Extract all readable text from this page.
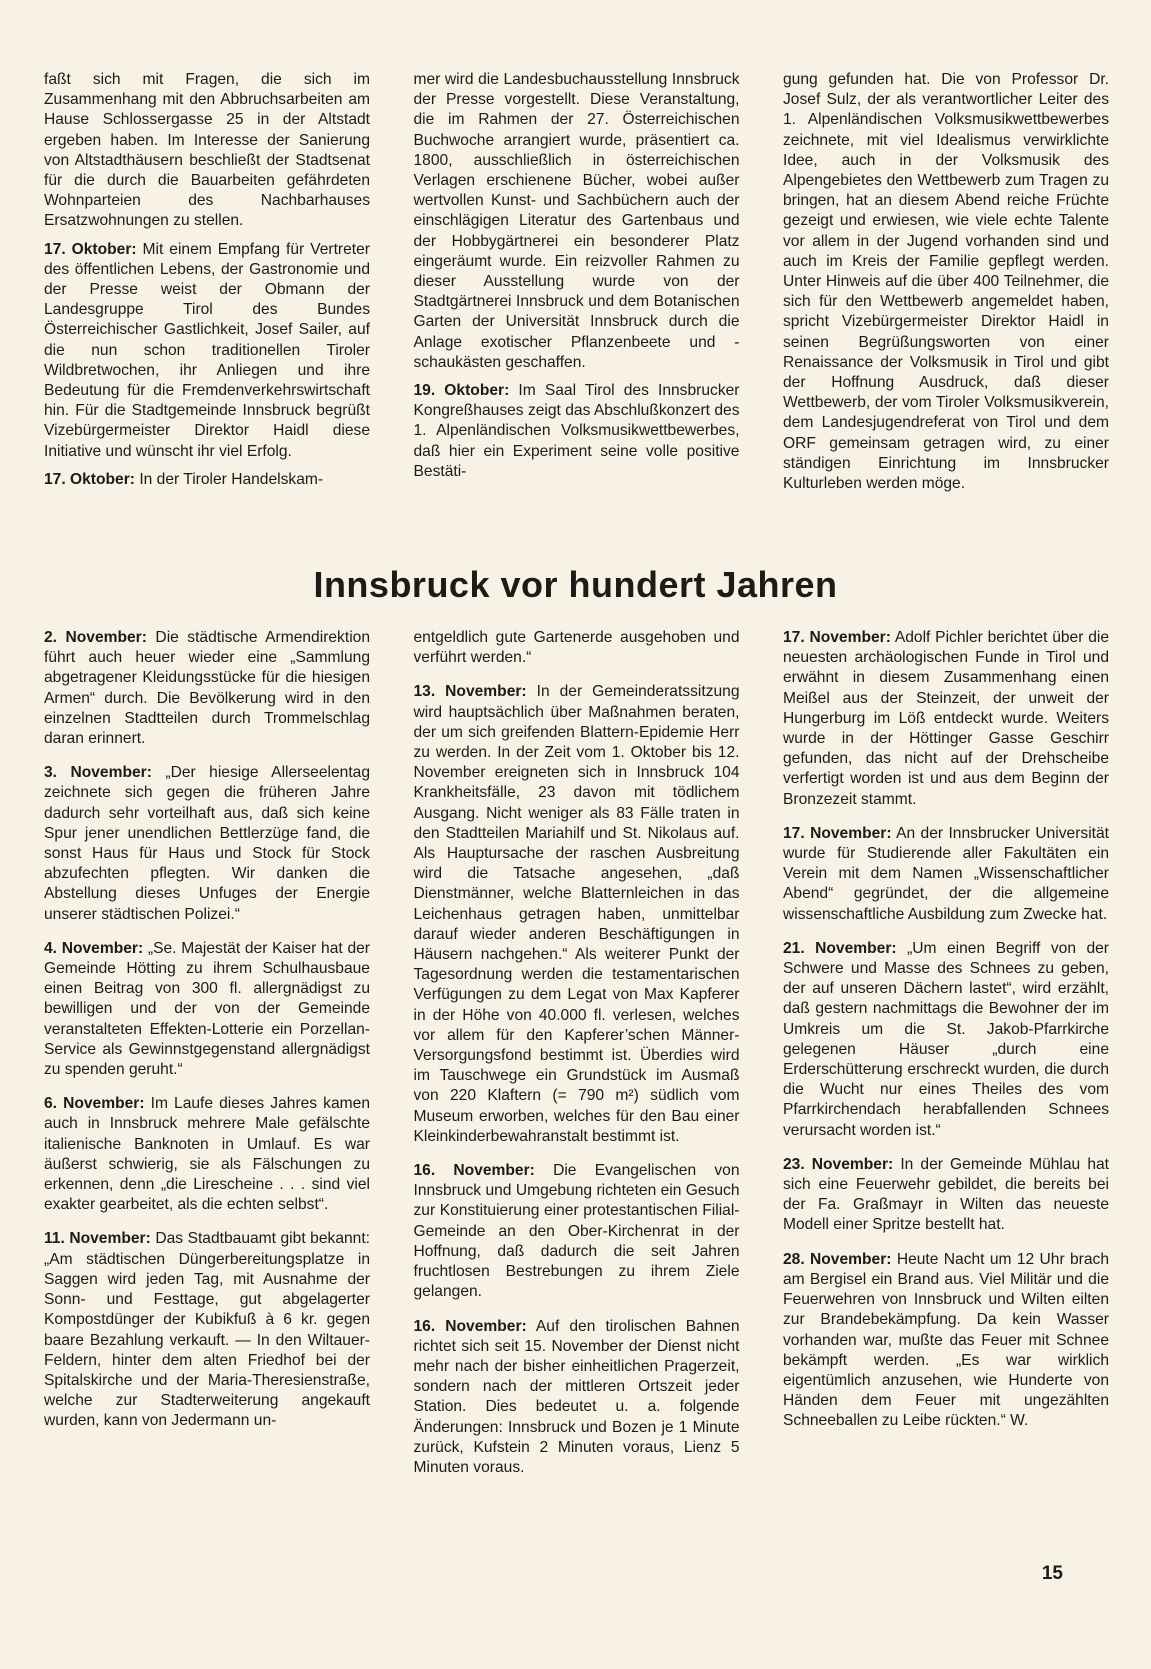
faßt sich mit Fragen, die sich im Zusammenhang mit den Abbruchsarbeiten am Hause Schlossergasse 25 in der Altstadt ergeben haben. Im Interesse der Sanierung von Altstadthäusern beschließt der Stadtsenat für die durch die Bauarbeiten gefährdeten Wohnparteien des Nachbarhauses Ersatzwohnungen zu stellen.

17. Oktober: Mit einem Empfang für Vertreter des öffentlichen Lebens, der Gastronomie und der Presse weist der Obmann der Landesgruppe Tirol des Bundes Österreichischer Gastlichkeit, Josef Sailer, auf die nun schon traditionellen Tiroler Wildbretwochen, ihr Anliegen und ihre Bedeutung für die Fremdenverkehrswirtschaft hin. Für die Stadtgemeinde Innsbruck begrüßt Vizebürgermeister Direktor Haidl diese Initiative und wünscht ihr viel Erfolg.

17. Oktober: In der Tiroler Handelskam-

mer wird die Landesbuchausstellung Innsbruck der Presse vorgestellt. Diese Veranstaltung, die im Rahmen der 27. Österreichischen Buchwoche arrangiert wurde, präsentiert ca. 1800, ausschließlich in österreichischen Verlagen erschienene Bücher, wobei außer wertvollen Kunst- und Sachbüchern auch der einschlägigen Literatur des Gartenbaus und der Hobbygärtnerei ein besonderer Platz eingeräumt wurde. Ein reizvoller Rahmen zu dieser Ausstellung wurde von der Stadtgärtnerei Innsbruck und dem Botanischen Garten der Universität Innsbruck durch die Anlage exotischer Pflanzenbeete und -schaukästen geschaffen.

19. Oktober: Im Saal Tirol des Innsbrucker Kongreßhauses zeigt das Abschlußkonzert des 1. Alpenländischen Volksmusikwettbewerbes, daß hier ein Experiment seine volle positive Bestäti-

gung gefunden hat. Die von Professor Dr. Josef Sulz, der als verantwortlicher Leiter des 1. Alpenländischen Volksmusikwettbewerbes zeichnete, mit viel Idealismus verwirklichte Idee, auch in der Volksmusik des Alpengebietes den Wettbewerb zum Tragen zu bringen, hat an diesem Abend reiche Früchte gezeigt und erwiesen, wie viele echte Talente vor allem in der Jugend vorhanden sind und auch im Kreis der Familie gepflegt werden. Unter Hinweis auf die über 400 Teilnehmer, die sich für den Wettbewerb angemeldet haben, spricht Vizebürgermeister Direktor Haidl in seinen Begrüßungsworten von einer Renaissance der Volksmusik in Tirol und gibt der Hoffnung Ausdruck, daß dieser Wettbewerb, der vom Tiroler Volksmusikverein, dem Landesjugendreferat von Tirol und dem ORF gemeinsam getragen wird, zu einer ständigen Einrichtung im Innsbrucker Kulturleben werden möge.

Innsbruck vor hundert Jahren

2. November: Die städtische Armendirektion führt auch heuer wieder eine „Sammlung abgetragener Kleidungsstücke für die hiesigen Armen“ durch. Die Bevölkerung wird in den einzelnen Stadtteilen durch Trommelschlag daran erinnert.

3. November: „Der hiesige Allerseelentag zeichnete sich gegen die früheren Jahre dadurch sehr vorteilhaft aus, daß sich keine Spur jener unendlichen Bettlerzüge fand, die sonst Haus für Haus und Stock für Stock abzufechten pflegten. Wir danken die Abstellung dieses Unfuges der Energie unserer städtischen Polizei.“

4. November: „Se. Majestät der Kaiser hat der Gemeinde Hötting zu ihrem Schulhausbaue einen Beitrag von 300 fl. allergnädigst zu bewilligen und der von der Gemeinde veranstalteten Effekten-Lotterie ein Porzellan-Service als Gewinnstgegenstand allergnädigst zu spenden geruht.“

6. November: Im Laufe dieses Jahres kamen auch in Innsbruck mehrere Male gefälschte italienische Banknoten in Umlauf. Es war äußerst schwierig, sie als Fälschungen zu erkennen, denn „die Lirescheine . . . sind viel exakter gearbeitet, als die echten selbst“.

11. November: Das Stadtbauamt gibt bekannt: „Am städtischen Düngerbereitungsplatze in Saggen wird jeden Tag, mit Ausnahme der Sonn- und Festtage, gut abgelagerter Kompostdünger der Kubikfuß à 6 kr. gegen baare Bezahlung verkauft. — In den Wiltauer-Feldern, hinter dem alten Friedhof bei der Spitalskirche und der Maria-Theresienstraße, welche zur Stadterweiterung angekauft wurden, kann von Jedermann un-

entgeldlich gute Gartenerde ausgehoben und verführt werden.“

13. November: In der Gemeinderatssitzung wird hauptsächlich über Maßnahmen beraten, der um sich greifenden Blattern-Epidemie Herr zu werden. In der Zeit vom 1. Oktober bis 12. November ereigneten sich in Innsbruck 104 Krankheitsfälle, 23 davon mit tödlichem Ausgang. Nicht weniger als 83 Fälle traten in den Stadtteilen Mariahilf und St. Nikolaus auf. Als Hauptursache der raschen Ausbreitung wird die Tatsache angesehen, „daß Dienstmänner, welche Blatternleichen in das Leichenhaus getragen haben, unmittelbar darauf wieder anderen Beschäftigungen in Häusern nachgehen.“ Als weiterer Punkt der Tagesordnung werden die testamentarischen Verfügungen zu dem Legat von Max Kapferer in der Höhe von 40.000 fl. verlesen, welches vor allem für den Kapferer’schen Männer-Versorgungsfond bestimmt ist. Überdies wird im Tauschwege ein Grundstück im Ausmaß von 220 Klaftern (= 790 m²) südlich vom Museum erworben, welches für den Bau einer Kleinkinderbewahranstalt bestimmt ist.

16. November: Die Evangelischen von Innsbruck und Umgebung richteten ein Gesuch zur Konstituierung einer protestantischen Filial-Gemeinde an den Ober-Kirchenrat in der Hoffnung, daß dadurch die seit Jahren fruchtlosen Bestrebungen zu ihrem Ziele gelangen.

16. November: Auf den tirolischen Bahnen richtet sich seit 15. November der Dienst nicht mehr nach der bisher einheitlichen Pragerzeit, sondern nach der mittleren Ortszeit jeder Station. Dies bedeutet u. a. folgende Änderungen: Innsbruck und Bozen je 1 Minute zurück, Kufstein 2 Minuten voraus, Lienz 5 Minuten voraus.

17. November: Adolf Pichler berichtet über die neuesten archäologischen Funde in Tirol und erwähnt in diesem Zusammenhang einen Meißel aus der Steinzeit, der unweit der Hungerburg im Löß entdeckt wurde. Weiters wurde in der Höttinger Gasse Geschirr gefunden, das nicht auf der Drehscheibe verfertigt worden ist und aus dem Beginn der Bronzezeit stammt.

17. November: An der Innsbrucker Universität wurde für Studierende aller Fakultäten ein Verein mit dem Namen „Wissenschaftlicher Abend“ gegründet, der die allgemeine wissenschaftliche Ausbildung zum Zwecke hat.

21. November: „Um einen Begriff von der Schwere und Masse des Schnees zu geben, der auf unseren Dächern lastet“, wird erzählt, daß gestern nachmittags die Bewohner der im Umkreis um die St. Jakob-Pfarrkirche gelegenen Häuser „durch eine Erderschütterung erschreckt wurden, die durch die Wucht nur eines Theiles des vom Pfarrkirchendach herabfallenden Schnees verursacht worden ist.“

23. November: In der Gemeinde Mühlau hat sich eine Feuerwehr gebildet, die bereits bei der Fa. Graßmayr in Wilten das neueste Modell einer Spritze bestellt hat.

28. November: Heute Nacht um 12 Uhr brach am Bergisel ein Brand aus. Viel Militär und die Feuerwehren von Innsbruck und Wilten eilten zur Brandebekämpfung. Da kein Wasser vorhanden war, mußte das Feuer mit Schnee bekämpft werden. „Es war wirklich eigentümlich anzusehen, wie Hunderte von Händen dem Feuer mit ungezählten Schneeballen zu Leibe rückten.“ W.

15
